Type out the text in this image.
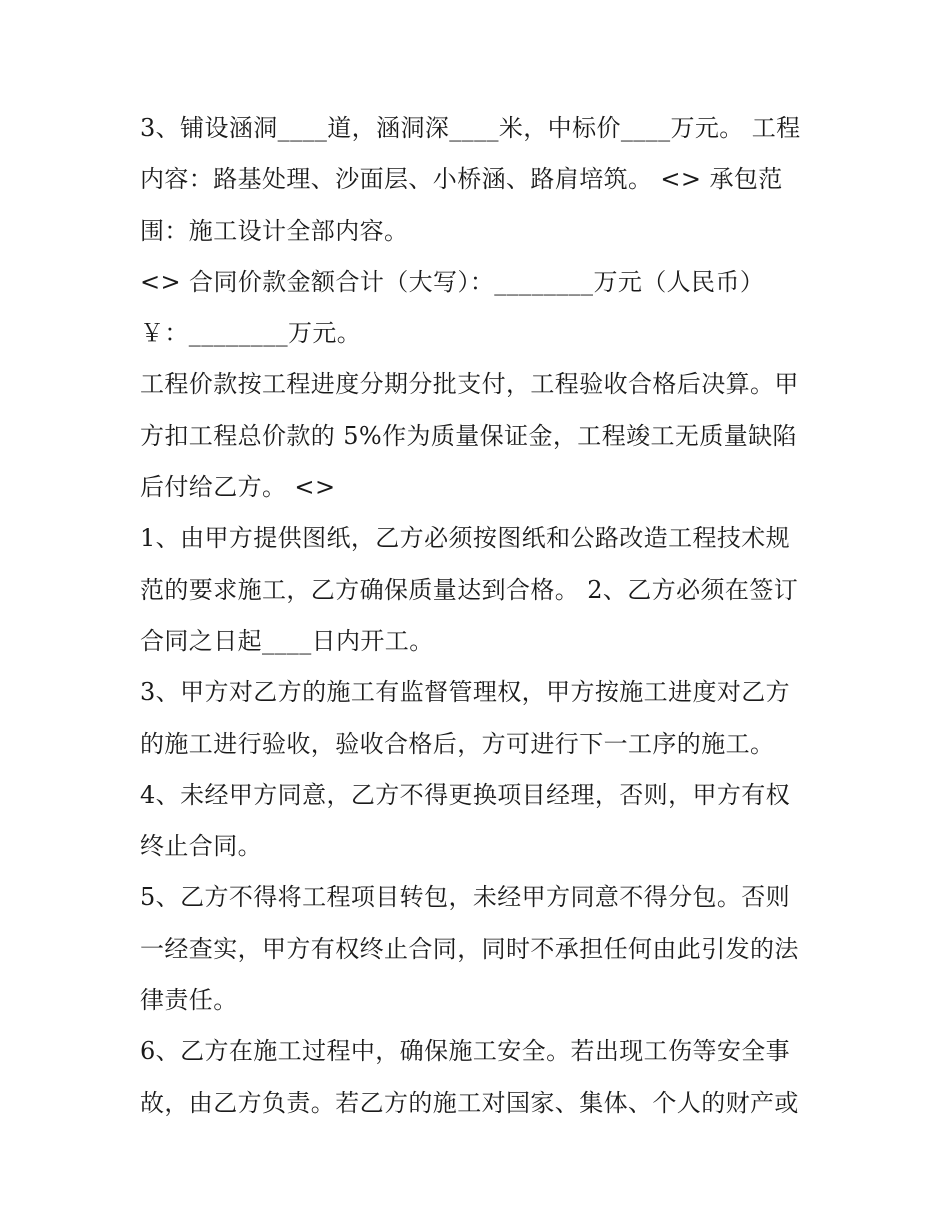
3、铺设涵洞____道，涵洞深____米，中标价____万元。 工程
内容：路基处理、沙面层、小桥涵、路肩培筑。 <> 承包范
围：施工设计全部内容。
<> 合同价款金额合计（大写）：________万元（人民币）
￥：________万元。
工程价款按工程进度分期分批支付，工程验收合格后决算。甲
方扣工程总价款的 5%作为质量保证金，工程竣工无质量缺陷
后付给乙方。 <>
1、由甲方提供图纸，乙方必须按图纸和公路改造工程技术规
范的要求施工，乙方确保质量达到合格。 2、乙方必须在签订
合同之日起____日内开工。
3、甲方对乙方的施工有监督管理权，甲方按施工进度对乙方
的施工进行验收，验收合格后，方可进行下一工序的施工。
4、未经甲方同意，乙方不得更换项目经理，否则，甲方有权
终止合同。
5、乙方不得将工程项目转包，未经甲方同意不得分包。否则
一经查实，甲方有权终止合同，同时不承担任何由此引发的法
律责任。
6、乙方在施工过程中，确保施工安全。若出现工伤等安全事
故，由乙方负责。若乙方的施工对国家、集体、个人的财产或
